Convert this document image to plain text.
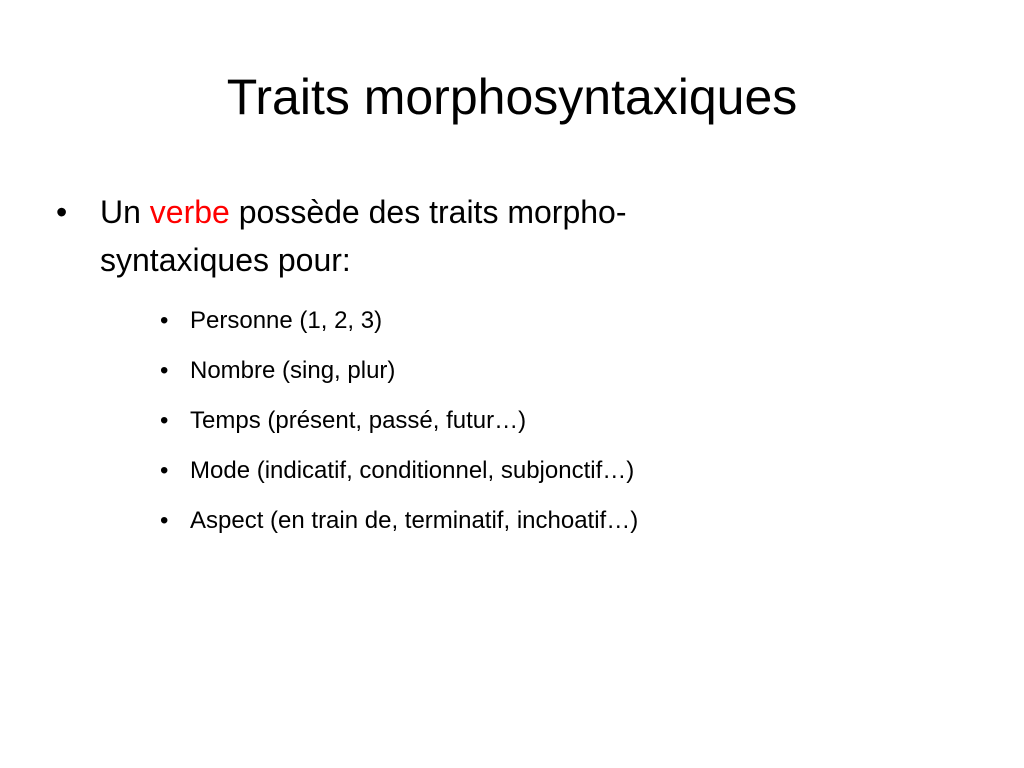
Traits morphosyntaxiques
•	Un verbe possède des traits morpho-
syntaxiques pour:
• Personne (1, 2, 3)
• Nombre (sing, plur)
• Temps (présent, passé, futur…)
• Mode (indicatif, conditionnel, subjonctif…)
• Aspect (en train de, terminatif, inchoatif…)
